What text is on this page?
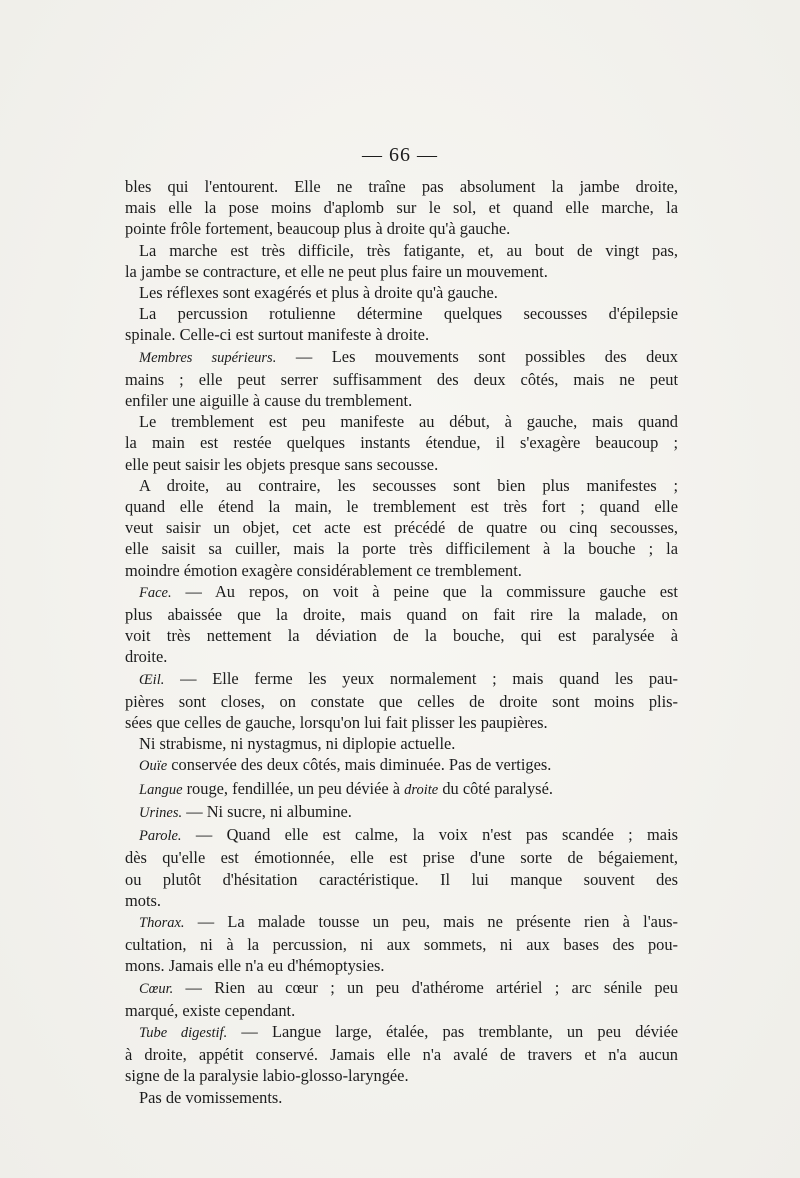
— 66 —

bles qui l'entourent. Elle ne traîne pas absolument la jambe droite,

mais elle la pose moins d'aplomb sur le sol, et quand elle marche, la

pointe frôle fortement, beaucoup plus à droite qu'à gauche.

La marche est très difficile, très fatigante, et, au bout de vingt pas,

la jambe se contracture, et elle ne peut plus faire un mouvement.

Les réflexes sont exagérés et plus à droite qu'à gauche.

La percussion rotulienne détermine quelques secousses d'épilepsie

spinale. Celle-ci est surtout manifeste à droite.

Membres supérieurs. — Les mouvements sont possibles des deux

mains ; elle peut serrer suffisamment des deux côtés, mais ne peut

enfiler une aiguille à cause du tremblement.

Le tremblement est peu manifeste au début, à gauche, mais quand

la main est restée quelques instants étendue, il s'exagère beaucoup ;

elle peut saisir les objets presque sans secousse.

A droite, au contraire, les secousses sont bien plus manifestes ;

quand elle étend la main, le tremblement est très fort ; quand elle

veut saisir un objet, cet acte est précédé de quatre ou cinq secousses,

elle saisit sa cuiller, mais la porte très difficilement à la bouche ; la

moindre émotion exagère considérablement ce tremblement.

Face. — Au repos, on voit à peine que la commissure gauche est

plus abaissée que la droite, mais quand on fait rire la malade, on

voit très nettement la déviation de la bouche, qui est paralysée à

droite.

Œil. — Elle ferme les yeux normalement ; mais quand les pau-

pières sont closes, on constate que celles de droite sont moins plis-

sées que celles de gauche, lorsqu'on lui fait plisser les paupières.

Ni strabisme, ni nystagmus, ni diplopie actuelle.

Ouïe conservée des deux côtés, mais diminuée. Pas de vertiges.

Langue rouge, fendillée, un peu déviée à droite du côté paralysé.

Urines. — Ni sucre, ni albumine.

Parole. — Quand elle est calme, la voix n'est pas scandée ; mais

dès qu'elle est émotionnée, elle est prise d'une sorte de bégaiement,

ou plutôt d'hésitation caractéristique. Il lui manque souvent des

mots.

Thorax. — La malade tousse un peu, mais ne présente rien à l'aus-

cultation, ni à la percussion, ni aux sommets, ni aux bases des pou-

mons. Jamais elle n'a eu d'hémoptysies.

Cœur. — Rien au cœur ; un peu d'athérome artériel ; arc sénile peu

marqué, existe cependant.

Tube digestif. — Langue large, étalée, pas tremblante, un peu déviée

à droite, appétit conservé. Jamais elle n'a avalé de travers et n'a aucun

signe de la paralysie labio-glosso-laryngée.

Pas de vomissements.
